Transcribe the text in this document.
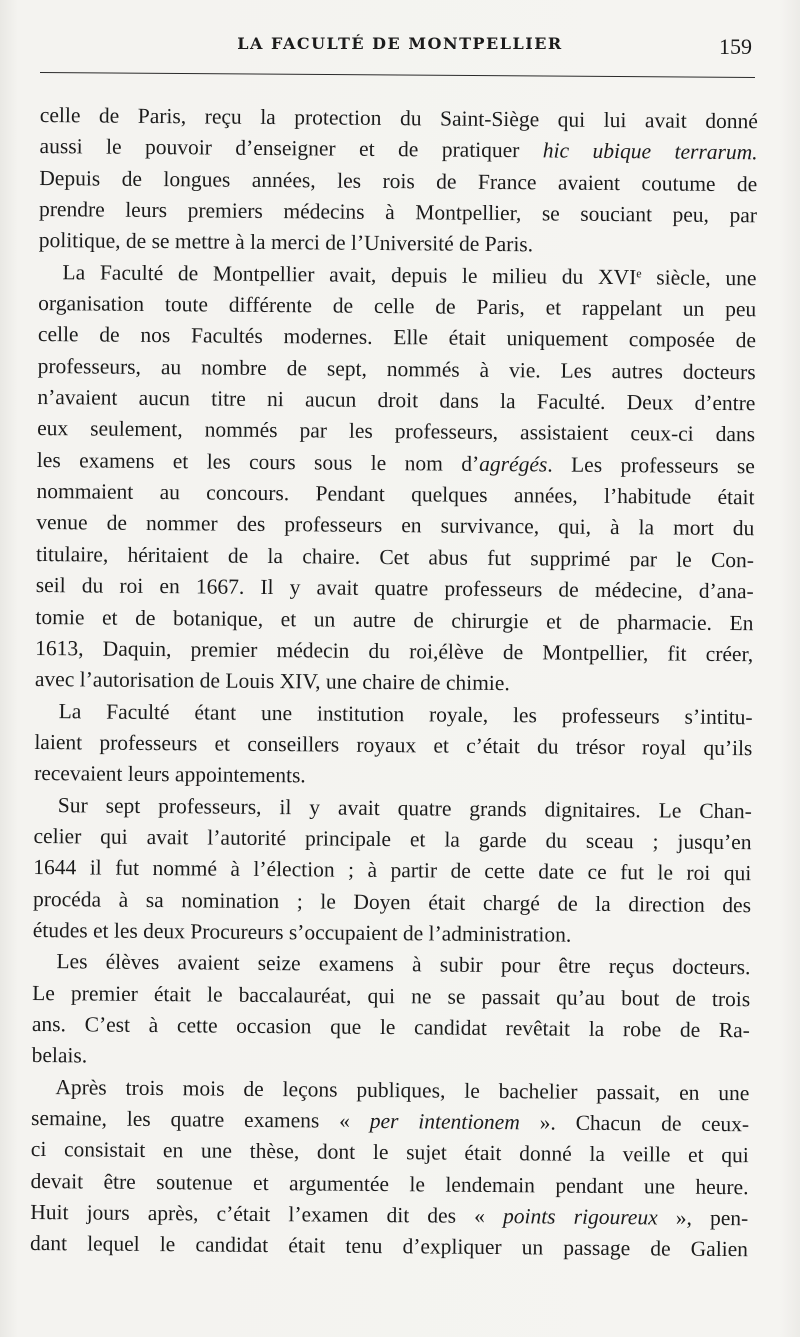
LA FACULTÉ DE MONTPELLIER	159
celle de Paris, reçu la protection du Saint-Siège qui lui avait donné
aussi le pouvoir d’enseigner et de pratiquer hic ubique terrarum.
Depuis de longues années, les rois de France avaient coutume de
prendre leurs premiers médecins à Montpellier, se souciant peu, par
politique, de se mettre à la merci de l’Université de Paris.
La Faculté de Montpellier avait, depuis le milieu du XVIe siècle, une
organisation toute différente de celle de Paris, et rappelant un peu
celle de nos Facultés modernes. Elle était uniquement composée de
professeurs, au nombre de sept, nommés à vie. Les autres docteurs
n’avaient aucun titre ni aucun droit dans la Faculté. Deux d’entre
eux seulement, nommés par les professeurs, assistaient ceux-ci dans
les examens et les cours sous le nom d’agrégés. Les professeurs se
nommaient au concours. Pendant quelques années, l’habitude était
venue de nommer des professeurs en survivance, qui, à la mort du
titulaire, héritaient de la chaire. Cet abus fut supprimé par le Con-
seil du roi en 1667. Il y avait quatre professeurs de médecine, d’ana-
tomie et de botanique, et un autre de chirurgie et de pharmacie. En
1613, Daquin, premier médecin du roi,élève de Montpellier, fit créer,
avec l’autorisation de Louis XIV, une chaire de chimie.
La Faculté étant une institution royale, les professeurs s’intitu-
laient professeurs et conseillers royaux et c’était du trésor royal qu’ils
recevaient leurs appointements.
Sur sept professeurs, il y avait quatre grands dignitaires. Le Chan-
celier qui avait l’autorité principale et la garde du sceau ; jusqu’en
1644 il fut nommé à l’élection ; à partir de cette date ce fut le roi qui
procéda à sa nomination ; le Doyen était chargé de la direction des
études et les deux Procureurs s’occupaient de l’administration.
Les élèves avaient seize examens à subir pour être reçus docteurs.
Le premier était le baccalauréat, qui ne se passait qu’au bout de trois
ans. C’est à cette occasion que le candidat revêtait la robe de Ra-
belais.
Après trois mois de leçons publiques, le bachelier passait, en une
semaine, les quatre examens « per intentionem ». Chacun de ceux-
ci consistait en une thèse, dont le sujet était donné la veille et qui
devait être soutenue et argumentée le lendemain pendant une heure.
Huit jours après, c’était l’examen dit des « points rigoureux », pen-
dant lequel le candidat était tenu d’expliquer un passage de Galien
